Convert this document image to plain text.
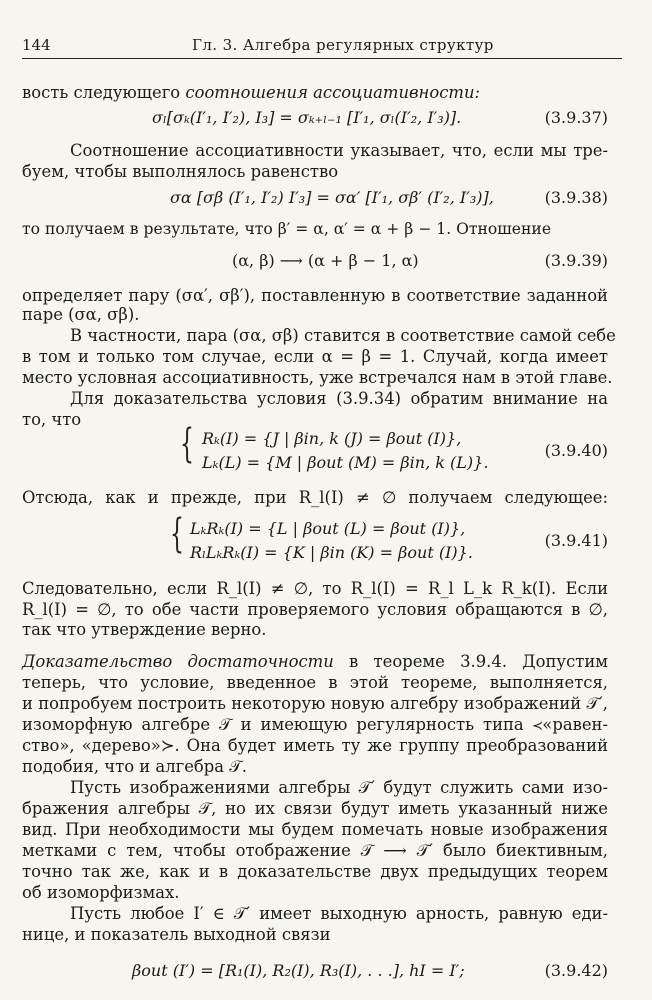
144	Гл. 3. Алгебра регулярных структур
вость следующего соотношения ассоциативности:
σₗ[σₖ(I′₁, I′₂), I₃] = σₖ₊ₗ₋₁ [I′₁, σₗ(I′₂, I′₃)].	(3.9.37)
Соотношение ассоциативности указывает, что, если мы тре-
буем, чтобы выполнялось равенство
σα [σβ (I′₁, I′₂) I′₃] = σα′ [I′₁, σβ′ (I′₂, I′₃)],	(3.9.38)
то получаем в результате, что β′ = α, α′ = α + β − 1. Отношение
(α, β) ⟶ (α + β − 1, α)	(3.9.39)
определяет пару (σα′, σβ′), поставленную в соответствие заданной
паре (σα, σβ).
В частности, пара (σα, σβ) ставится в соответствие самой себе
в том и только том случае, если α = β = 1. Случай, когда имеет
место условная ассоциативность, уже встречался нам в этой главе.
Для доказательства условия (3.9.34) обратим внимание на
то, что
{ Rₖ(I) = {J | βin, k (J) = βout (I)},
Lₖ(L) = {M | βout (M) = βin, k (L)}.
(3.9.40)
Отсюда, как и прежде, при R_l(I) ≠ ∅ получаем следующее:
{ LₖRₖ(I) = {L | βout (L) = βout (I)},
RₗLₖRₖ(I) = {K | βin (K) = βout (I)}.
(3.9.41)
Следовательно, если R_l(I) ≠ ∅, то R_l(I) = R_l L_k R_k(I). Если
R_l(I) = ∅, то обе части проверяемого условия обращаются в ∅,
так что утверждение верно.
Доказательство достаточности в теореме 3.9.4. Допустим
теперь, что условие, введенное в этой теореме, выполняется,
и попробуем построить некоторую новую алгебру изображений 𝒯′,
изоморфную алгебре 𝒯 и имеющую регулярность типа ≺«равен-
ство», «дерево»≻. Она будет иметь ту же группу преобразований
подобия, что и алгебра 𝒯.
Пусть изображениями алгебры 𝒯′ будут служить сами изо-
бражения алгебры 𝒯, но их связи будут иметь указанный ниже
вид. При необходимости мы будем помечать новые изображения
метками с тем, чтобы отображение 𝒯 ⟶ 𝒯′ было биективным,
точно так же, как и в доказательстве двух предыдущих теорем
об изоморфизмах.
Пусть любое I′ ∈ 𝒯′ имеет выходную арность, равную еди-
нице, и показатель выходной связи
βout (I′) = [R₁(I), R₂(I), R₃(I), . . .], hI = I′;	(3.9.42)
